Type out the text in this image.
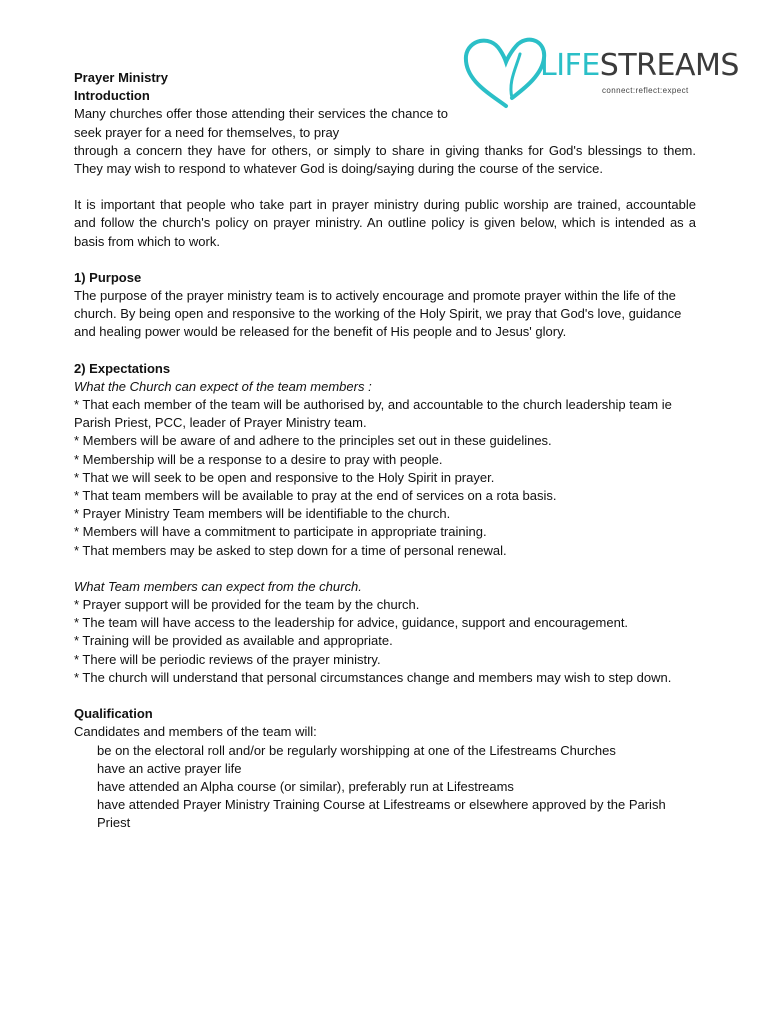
LIFESTREAMS
connect:reflect:expect

Prayer Ministry

Introduction

Many churches offer those attending their services the chance to seek prayer for a need for themselves, to pray

through a concern they have for others, or simply to share in giving thanks for God's blessings to them. They may wish to respond to whatever God is doing/saying during the course of the service.

It is important that people who take part in prayer ministry during public worship are trained, accountable and follow the church's policy on prayer ministry. An outline policy is given below, which is intended as a basis from which to work.

1) Purpose

The purpose of the prayer ministry team is to actively encourage and promote prayer within the life of the church. By being open and responsive to the working of the Holy Spirit, we pray that God's love, guidance and healing power would be released for the benefit of His people and to Jesus' glory.

2) Expectations

What the Church can expect of the team members :

* That each member of the team will be authorised by, and accountable to the church leadership team ie Parish Priest, PCC, leader of Prayer Ministry team.

* Members will be aware of and adhere to the principles set out in these guidelines.

* Membership will be a response to a desire to pray with people.

* That we will seek to be open and responsive to the Holy Spirit in prayer.

* That team members will be available to pray at the end of services on a rota basis.

* Prayer Ministry Team members will be identifiable to the church.

* Members will have a commitment to participate in appropriate training.

* That members may be asked to step down for a time of personal renewal.

What Team members can expect from the church.

* Prayer support will be provided for the team by the church.

* The team will have access to the leadership for advice, guidance, support and encouragement.

* Training will be provided as available and appropriate.

* There will be periodic reviews of the prayer ministry.

* The church will understand that personal circumstances change and members may wish to step down.

Qualification

Candidates and members of the team will:

be on the electoral roll and/or be regularly worshipping at one of the Lifestreams Churches

have an active prayer life

have attended an Alpha course (or similar), preferably run at Lifestreams

have attended Prayer Ministry Training Course at Lifestreams or elsewhere approved by the Parish Priest
